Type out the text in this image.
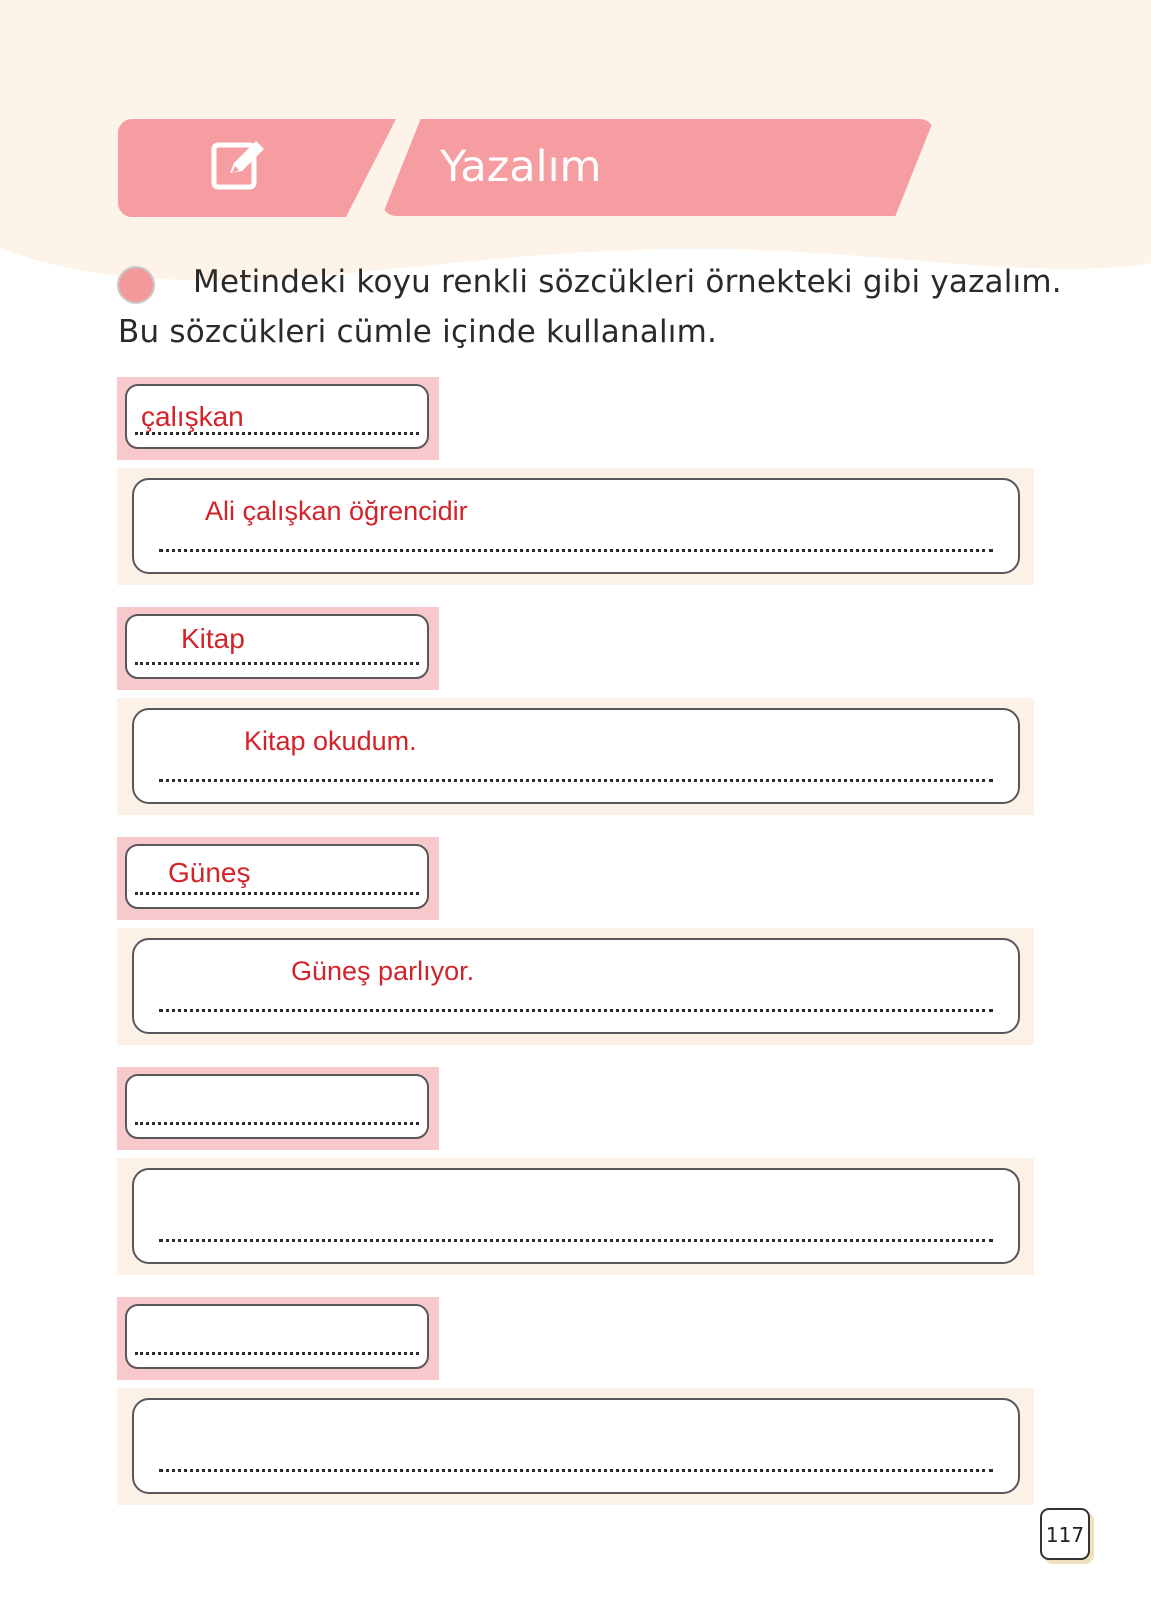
Yazalım
Metindeki koyu renkli sözcükleri örnekteki gibi yazalım.
Bu sözcükleri cümle içinde kullanalım.
çalışkan
Ali çalışkan öğrencidir
Kitap
Kitap okudum.
Güneş
Güneş parlıyor.
117
